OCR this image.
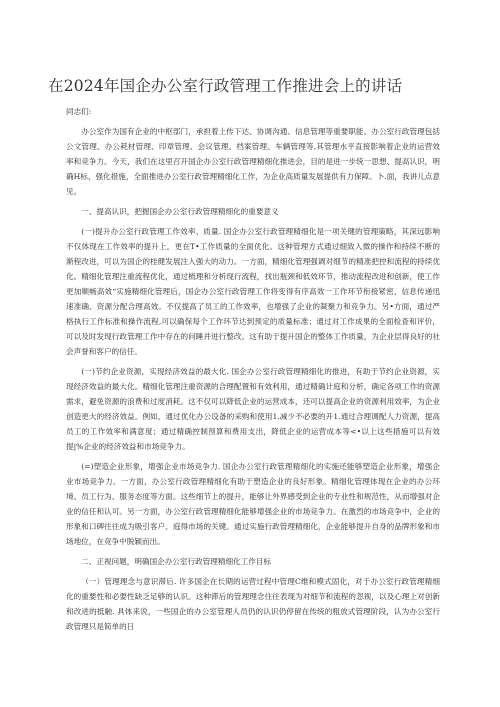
在2024年国企办公室行政管理工作推进会上的讲话
同志们:

办公室作为国有企业的中枢部门，承担着上传下达、协调沟通、信息管理等重要职能。办公室行政管理包括公文管理、办公耗材管理、印章管理、会议管理、档案管理、车辆管理等,其管理水平直接影响着企业的运营效率和竞争力。今天，我们在这里召开国企办公室行政管理精细化推进会，目的是进一步统一思想、提高认识，明确H标、强化措施，全面推进办公室行政管理精细化工作，为企业高质量发展提供有力保障。卜.面，我讲儿点意见。

一、提高认识，把握国企办公室行政管理精细化的重要意义

(一)提升办公室行政管理工作效率、质量. 国企办公室行政管理精细化是一项关键的管理策略，其深远影响不仅体现在工作效率的提升上，更在T•工作质量的全面优化。这种管理方式通过细致入微的操作和持续不断的渐程改进，可以为国企的桂健发展注入强大的动力。一方面，精细化管理强调对细节的精准把控和流程的持续优化。精细化管理注重流程优化，通过梳理和分析现行流程，找出瓶颈和低效环节，推动流程改进和创新，使工作更加顺畅高效“实施精细化管理后，国企办公室行政管理工作将变得有序高效一工作环节衔接紧密、信息传递迅速准确、资源分配合理高效。不仅提高了员工的工作效率，也增强了企业的凝聚力和竞争力。另•方面，通过严格执行工作标准和操作流程,可以确保每个工作环节达到预定的质量标准；通过对工作成果的全面检查和评价，可以及时发现行政管理工作中存在的问睡并进行整改。这有助于提升国企的整体工作质量，为企业层得良好的社会声誉和客户的信任。

(一)节约企业资源，实现经济效益的最大化. 国企办公室行政管理精细化的推进，有助于节约企业资源，实现经济效益的最大化。精细化管理注重资源的合理配置和有效利用，通过精确计庭和分析，确定各项工作的资源需求，避免资源的浪费和过度消耗。这不仅可以降低企业的运营成本，还可以提高企业的资源利用效率，为企业创造更大的经济效益。例如，通过优化办公设备的采购和使用1.减少不必要的开1.通过合理调配人力资源，提高员工的工作效率和满意度；通过精确控制预算和费用支出，降低企业的运营成本等<•以上这些措施可以有效提|%企业的经济效益和市场竞争力。

(=)塑造企业形象，增强企业市场竞争力. 国企办公室行政管理精细化的实施还能够塑造企业形象，增强企业市场竞争力。一方面，办公室行政管理精细化有助于塑造企业的良好形象。精细化管理体现在企业的办公环境、员工行为、服务态度等方面。这些细节上的提升，能够让外界感受到企业的专业性和规范性，从而增强对企业的信任和认可。另一方面，办公室行政管理精细化能够增强企业的市场竞争力。在激烈的市场竞争中，企业的形象和口碑往往成为吸引客户、庭得市场的关键。通过实施行政管理精细化，企业能够提升自身的品牌形象和市场地位，在竞争中脱颖而出。

二、正视问题，明确国企办公室行政管理精细化工作目标

（一）管理理念与意识滞后. 许多国企在长期的运营过程中管理C维和模式固化，对于办公室行政管理精细化的重要性和必要性缺乏足够的认识。这种滞后的管理理念往往表现为对细节和流程的忽视，以及心理上对创新和改进的抵触. 具体来说，一些国企的办公室管理人员仍的认识仍停留在传统的粗放式管理阶段，认为办公室行政管理只是简单的日
